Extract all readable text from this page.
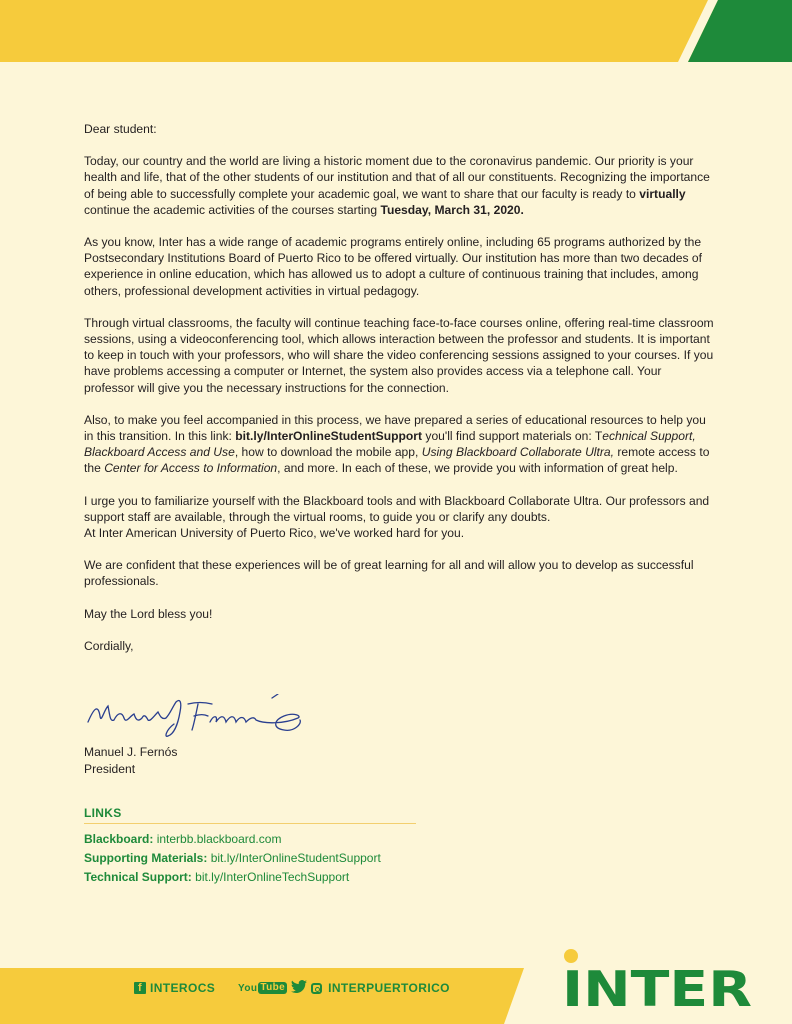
Dear student:

Today, our country and the world are living a historic moment due to the coronavirus pandemic. Our priority is your health and life, that of the other students of our institution and that of all our constituents. Recognizing the importance of being able to successfully complete your academic goal, we want to share that our faculty is ready to virtually continue the academic activities of the courses starting Tuesday, March 31, 2020.

As you know, Inter has a wide range of academic programs entirely online, including 65 programs authorized by the Postsecondary Institutions Board of Puerto Rico to be offered virtually. Our institution has more than two decades of experience in online education, which has allowed us to adopt a culture of continuous training that includes, among others, professional development activities in virtual pedagogy.

Through virtual classrooms, the faculty will continue teaching face-to-face courses online, offering real-time classroom sessions, using a videoconferencing tool, which allows interaction between the professor and students. It is important to keep in touch with your professors, who will share the video conferencing sessions assigned to your courses. If you have problems accessing a computer or Internet, the system also provides access via a telephone call. Your professor will give you the necessary instructions for the connection.

Also, to make you feel accompanied in this process, we have prepared a series of educational resources to help you in this transition. In this link: bit.ly/InterOnlineStudentSupport you'll find support materials on: Technical Support, Blackboard Access and Use, how to download the mobile app, Using Blackboard Collaborate Ultra, remote access to the Center for Access to Information, and more. In each of these, we provide you with information of great help.

I urge you to familiarize yourself with the Blackboard tools and with Blackboard Collaborate Ultra. Our professors and support staff are available, through the virtual rooms, to guide you or clarify any doubts.
At Inter American University of Puerto Rico, we've worked hard for you.

We are confident that these experiences will be of great learning for all and will allow you to develop as successful professionals.

May the Lord bless you!

Cordially,

Manuel J. Fernós
President
LINKS
Blackboard: interbb.blackboard.com
Supporting Materials: bit.ly/InterOnlineStudentSupport
Technical Support: bit.ly/InterOnlineTechSupport
f INTEROCS You Tube	INTERPUERTORICO INTER
